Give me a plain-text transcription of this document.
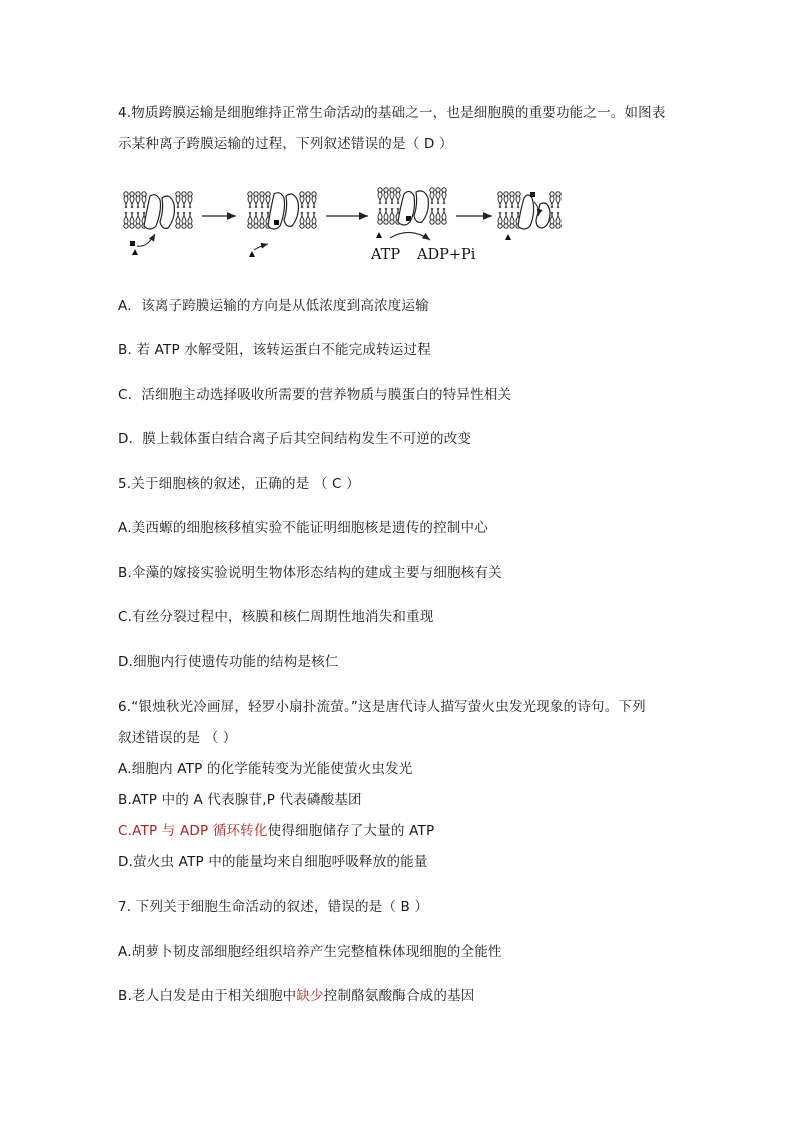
4.物质跨膜运输是细胞维持正常生命活动的基础之一，也是细胞膜的重要功能之一。如图表
示某种离子跨膜运输的过程，下列叙述错误的是（ D ）
ATP ADP+Pi
A．该离子跨膜运输的方向是从低浓度到高浓度运输
B. 若 ATP 水解受阻，该转运蛋白不能完成转运过程
C．活细胞主动选择吸收所需要的营养物质与膜蛋白的特异性相关
D．膜上载体蛋白结合离子后其空间结构发生不可逆的改变
5.关于细胞核的叙述，正确的是 （ C ）
A.美西螈的细胞核移植实验不能证明细胞核是遗传的控制中心
B.伞藻的嫁接实验说明生物体形态结构的建成主要与细胞核有关
C.有丝分裂过程中，核膜和核仁周期性地消失和重现
D.细胞内行使遗传功能的结构是核仁
6.“银烛秋光冷画屏，轻罗小扇扑流萤。”这是唐代诗人描写萤火虫发光现象的诗句。下列
叙述错误的是 （ ）
A.细胞内 ATP 的化学能转变为光能使萤火虫发光
B.ATP 中的 A 代表腺苷,P 代表磷酸基团
C.ATP 与 ADP 循环转化使得细胞储存了大量的 ATP
D.萤火虫 ATP 中的能量均来自细胞呼吸释放的能量
7. 下列关于细胞生命活动的叙述，错误的是（ B ）
A.胡萝卜韧皮部细胞经组织培养产生完整植株体现细胞的全能性
B.老人白发是由于相关细胞中缺少控制酪氨酸酶合成的基因
